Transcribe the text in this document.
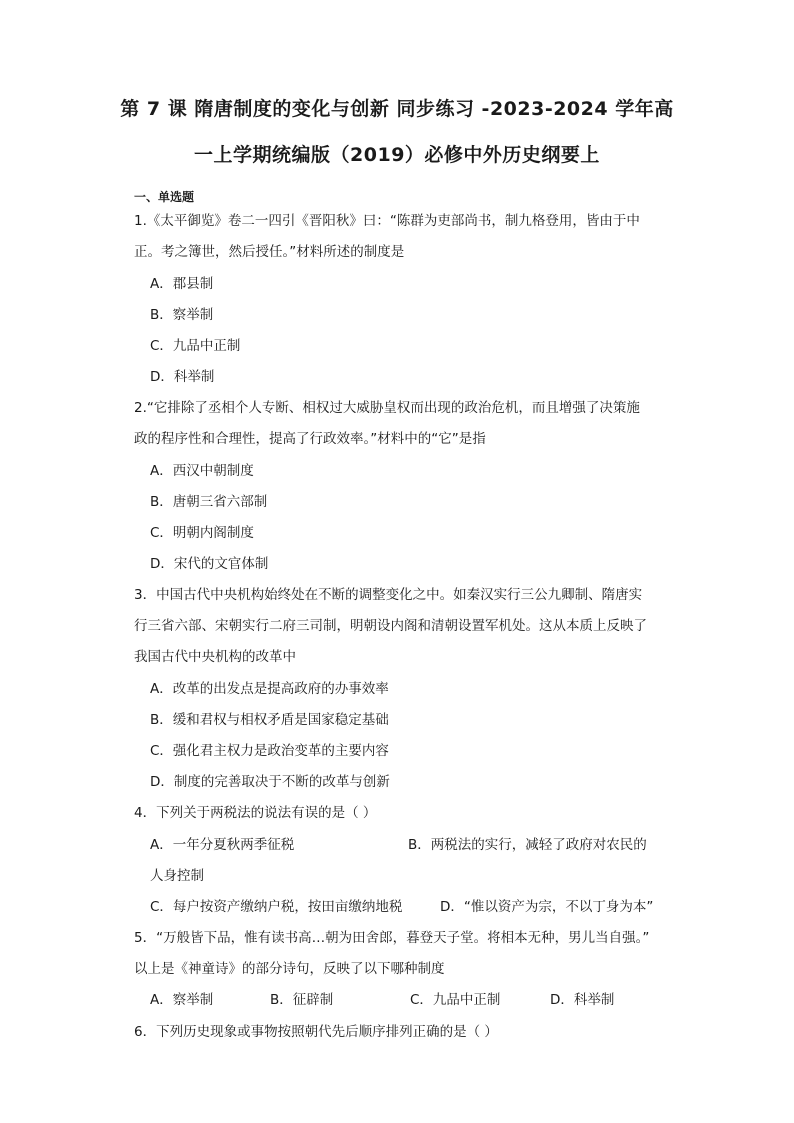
第 7 课 隋唐制度的变化与创新 同步练习 -2023-2024 学年高
一上学期统编版（2019）必修中外历史纲要上
一、单选题
1.《太平御览》卷二一四引《晋阳秋》曰：“陈群为吏部尚书，制九格登用，皆由于中
正。考之簿世，然后授任。”材料所述的制度是
A．郡县制
B．察举制
C．九品中正制
D．科举制
2.“它排除了丞相个人专断、相权过大威胁皇权而出现的政治危机，而且增强了决策施
政的程序性和合理性，提高了行政效率。”材料中的“它”是指
A．西汉中朝制度
B．唐朝三省六部制
C．明朝内阁制度
D．宋代的文官体制
3．中国古代中央机构始终处在不断的调整变化之中。如秦汉实行三公九卿制、隋唐实
行三省六部、宋朝实行二府三司制，明朝设内阁和清朝设置军机处。这从本质上反映了
我国古代中央机构的改革中
A．改革的出发点是提高政府的办事效率
B．缓和君权与相权矛盾是国家稳定基础
C．强化君主权力是政治变革的主要内容
D．制度的完善取决于不断的改革与创新
4．下列关于两税法的说法有误的是（ ）
A．一年分夏秋两季征税	B．两税法的实行，减轻了政府对农民的
人身控制
C．每户按资产缴纳户税，按田亩缴纳地税	D．“惟以资产为宗，不以丁身为本”
5．“万般皆下品，惟有读书高…朝为田舍郎，暮登天子堂。将相本无种，男儿当自强。”
以上是《神童诗》的部分诗句，反映了以下哪种制度
A．察举制	B．征辟制	C．九品中正制	D．科举制
6．下列历史现象或事物按照朝代先后顺序排列正确的是（ ）
